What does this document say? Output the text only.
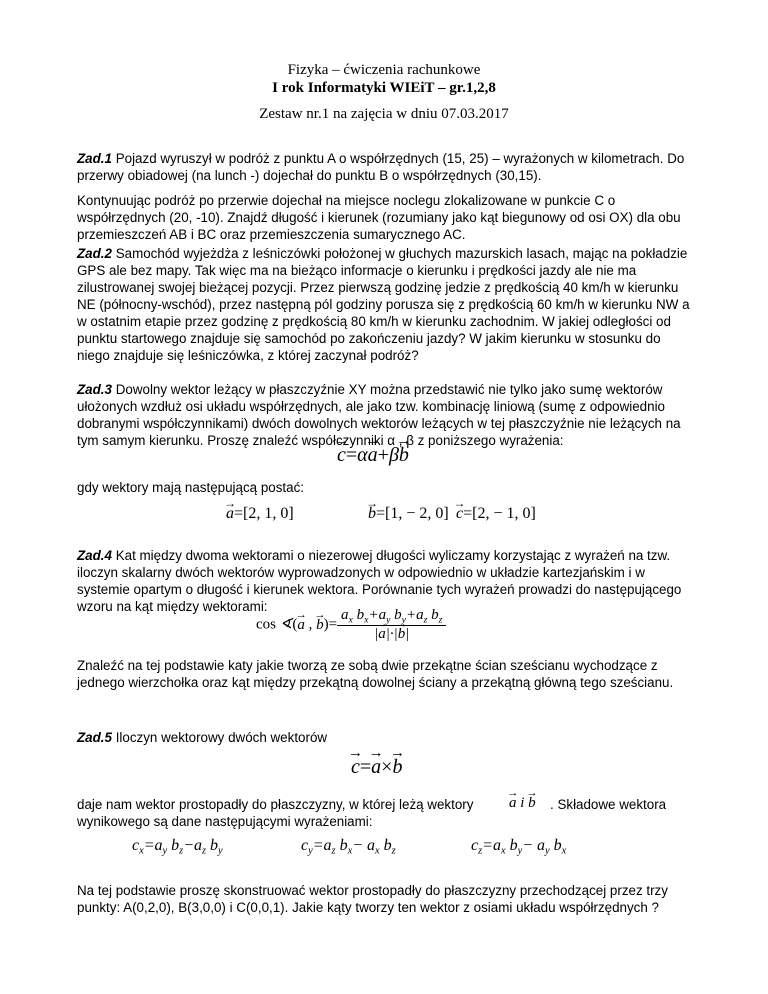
Fizyka – ćwiczenia rachunkowe
I rok Informatyki WIEiT – gr.1,2,8
Zestaw nr.1 na zajęcia w dniu 07.03.2017
Zad.1 Pojazd wyruszył w podróż z punktu A o współrzędnych (15, 25) – wyrażonych w kilometrach. Do przerwy obiadowej (na lunch -) dojechał do punktu B o współrzędnych (30,15).
Kontynuując podróż po przerwie dojechał na miejsce noclegu zlokalizowane w punkcie C o współrzędnych (20, -10). Znajdź długość i kierunek (rozumiany jako kąt biegunowy od osi OX) dla obu przemieszczeń AB i BC oraz przemieszczenia sumarycznego AC.
Zad.2 Samochód wyjeżdża z leśniczówki położonej w głuchych mazurskich lasach, mając na pokładzie GPS ale bez mapy. Tak więc ma na bieżąco informacje o kierunku i prędkości jazdy ale nie ma zilustrowanej swojej bieżącej pozycji. Przez pierwszą godzinę jedzie z prędkością 40 km/h w kierunku NE (północny-wschód), przez następną pól godziny porusza się z prędkością 60 km/h w kierunku NW a w ostatnim etapie przez godzinę z prędkością 80 km/h w kierunku zachodnim. W jakiej odległości od punktu startowego znajduje się samochód po zakończeniu jazdy? W jakim kierunku w stosunku do niego znajduje się leśniczówka, z której zaczynał podróż?
Zad.3 Dowolny wektor leżący w płaszczyźnie XY można przedstawić nie tylko jako sumę wektorów ułożonych wzdłuż osi układu współrzędnych, ale jako tzw. kombinację liniową (sumę z odpowiednio dobranymi współczynnikami) dwóch dowolnych wektorów leżących w tej płaszczyźnie nie leżących na tym samym kierunku. Proszę znaleźć współczynniki α , β z poniższego wyrażenia:
c →=αa →+βb →
gdy wektory mają następującą postać:
a →=[2, 1, 0]	b →=[1, − 2, 0] c →=[2, − 1, 0]
Zad.4 Kat między dwoma wektorami o niezerowej długości wyliczamy korzystając z wyrażeń na tzw. iloczyn skalarny dwóch wektorów wyprowadzonych w odpowiednio w układzie kartezjańskim i w systemie opartym o długość i kierunek wektora. Porównanie tych wyrażeń prowadzi do następującego wzoru na kąt między wektorami:
cos ∢(a → , b →)= $\frac{a_x b_x+a_y b_y+a_z b_z}{|a \to|\cdot|b \to|}$
Znaleźć na tej podstawie katy jakie tworzą ze sobą dwie przekątne ścian sześcianu wychodzące z jednego wierzchołka oraz kąt między przekątną dowolnej ściany a przekątną główną tego sześcianu.
Zad.5 Iloczyn wektorowy dwóch wektorów
c →=a →×b →
daje nam wektor prostopadły do płaszczyzny, w której leżą wektory a → i b → . Składowe wektora
wynikowego są dane następującymi wyrażeniami:
$c_x=a_y$ $b_z-a_z$ $b_y$	$c_y=a_z$ $b_x- a_x$ $b_z$	$c_z=a_x$ $b_y- a_y$ $b_x$
Na tej podstawie proszę skonstruować wektor prostopadły do płaszczyzny przechodzącej przez trzy punkty: A(0,2,0), B(3,0,0) i C(0,0,1). Jakie kąty tworzy ten wektor z osiami układu współrzędnych ?
